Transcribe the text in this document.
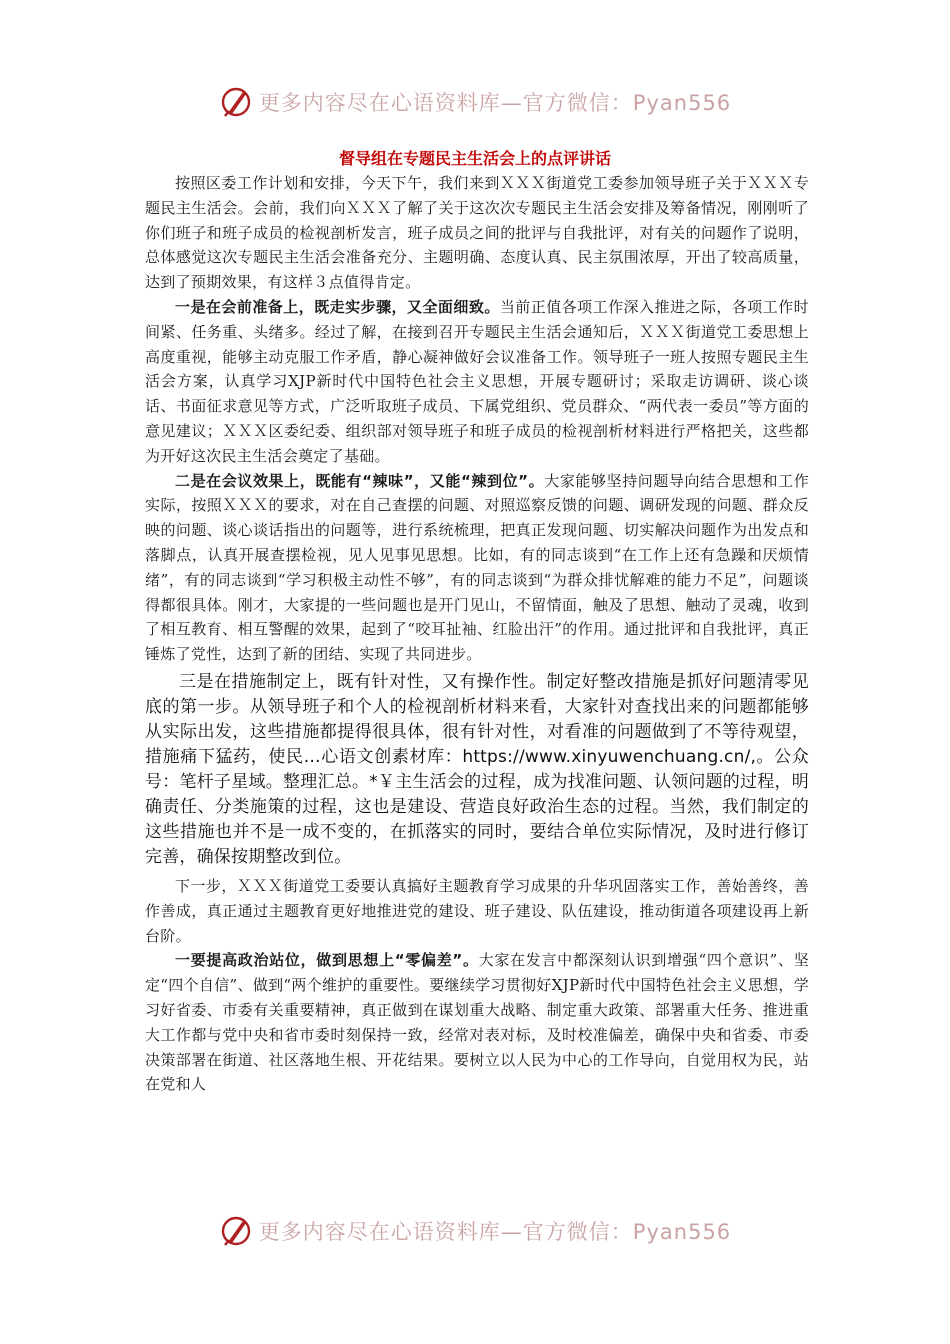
更多内容尽在心语资料库—官方微信：Pyan556
督导组在专题民主生活会上的点评讲话

按照区委工作计划和安排，今天下午，我们来到ＸＸＸ街道党工委参加领导班子关于ＸＸＸ专题民主生活会。会前，我们向ＸＸＸ了解了关于这次次专题民主生活会安排及筹备情况，刚刚听了你们班子和班子成员的检视剖析发言，班子成员之间的批评与自我批评，对有关的问题作了说明，总体感觉这次专题民主生活会准备充分、主题明确、态度认真、民主氛围浓厚，开出了较高质量，达到了预期效果，有这样３点值得肯定。

一是在会前准备上，既走实步骤，又全面细致。当前正值各项工作深入推进之际，各项工作时间紧、任务重、头绪多。经过了解，在接到召开专题民主生活会通知后，ＸＸＸ街道党工委思想上高度重视，能够主动克服工作矛盾，静心凝神做好会议准备工作。领导班子一班人按照专题民主生活会方案，认真学习XJP新时代中国特色社会主义思想，开展专题研讨；采取走访调研、谈心谈话、书面征求意见等方式，广泛听取班子成员、下属党组织、党员群众、“两代表一委员”等方面的意见建议；ＸＸＸ区委纪委、组织部对领导班子和班子成员的检视剖析材料进行严格把关，这些都为开好这次民主生活会奠定了基础。

二是在会议效果上，既能有“辣味”，又能“辣到位”。大家能够坚持问题导向结合思想和工作实际，按照ＸＸＸ的要求，对在自己查摆的问题、对照巡察反馈的问题、调研发现的问题、群众反映的问题、谈心谈话指出的问题等，进行系统梳理，把真正发现问题、切实解决问题作为出发点和落脚点，认真开展查摆检视，见人见事见思想。比如，有的同志谈到“在工作上还有急躁和厌烦情绪”，有的同志谈到“学习积极主动性不够”，有的同志谈到“为群众排忧解难的能力不足”，问题谈得都很具体。刚才，大家提的一些问题也是开门见山，不留情面，触及了思想、触动了灵魂，收到了相互教育、相互警醒的效果，起到了“咬耳扯袖、红脸出汗”的作用。通过批评和自我批评，真正锤炼了党性，达到了新的团结、实现了共同进步。

三是在措施制定上，既有针对性，又有操作性。制定好整改措施是抓好问题清零见底的第一步。从领导班子和个人的检视剖析材料来看，大家针对查找出来的问题都能够从实际出发，这些措施都提得很具体，很有针对性，对看准的问题做到了不等待观望，措施痛下猛药，使民…心语文创素材库：https://www.xinyuwenchuang.cn/,。公众号：笔杆子星域。整理汇总。*￥主生活会的过程，成为找准问题、认领问题的过程，明确责任、分类施策的过程，这也是建设、营造良好政治生态的过程。当然，我们制定的这些措施也并不是一成不变的，在抓落实的同时，要结合单位实际情况，及时进行修订完善，确保按期整改到位。

下一步，ＸＸＸ街道党工委要认真搞好主题教育学习成果的升华巩固落实工作，善始善终，善作善成，真正通过主题教育更好地推进党的建设、班子建设、队伍建设，推动街道各项建设再上新台阶。

一要提高政治站位，做到思想上“零偏差”。大家在发言中都深刻认识到增强“四个意识”、坚定“四个自信”、做到“两个维护的重要性。要继续学习贯彻好XJP新时代中国特色社会主义思想，学习好省委、市委有关重要精神，真正做到在谋划重大战略、制定重大政策、部署重大任务、推进重大工作都与党中央和省市委时刻保持一致，经常对表对标，及时校准偏差，确保中央和省委、市委决策部署在街道、社区落地生根、开花结果。要树立以人民为中心的工作导向，自觉用权为民，站在党和人

更多内容尽在心语资料库—官方微信：Pyan556
